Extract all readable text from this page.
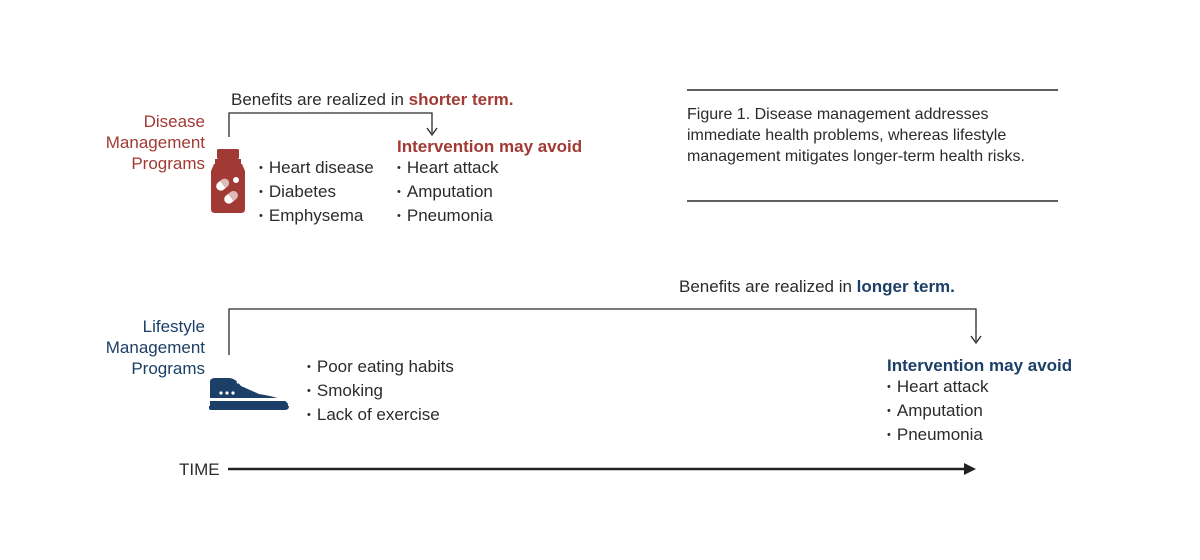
Benefits are realized in shorter term.
Disease
Management
Programs	• Heart disease
• Diabetes
• Emphysema
Intervention may avoid
• Heart attack
• Amputation
• Pneumonia
Figure 1. Disease management addresses immediate health problems, whereas lifestyle management mitigates longer-term health risks.
Benefits are realized in longer term.
Lifestyle
Management
Programs	• Poor eating habits
• Smoking
• Lack of exercise
Intervention may avoid
• Heart attack
• Amputation
• Pneumonia
TIME
